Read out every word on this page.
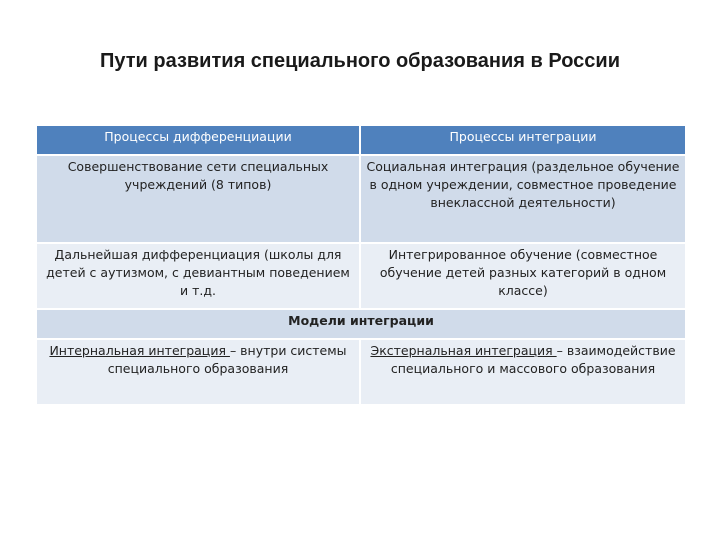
Пути развития специального образования в России
Процессы дифференциации	Процессы интеграции
Совершенствование сети специальных учреждений (8 типов)	Социальная интеграция (раздельное обучение в одном учреждении, совместное проведение внеклассной деятельности)
Дальнейшая дифференциация (школы для детей с аутизмом, с девиантным поведением и т.д.	Интегрированное обучение (совместное обучение детей разных категорий в одном классе)
Модели интеграции	
Интернальная интеграция – внутри системы специального образования	Экстернальная интеграция – взаимодействие специального и массового образования
